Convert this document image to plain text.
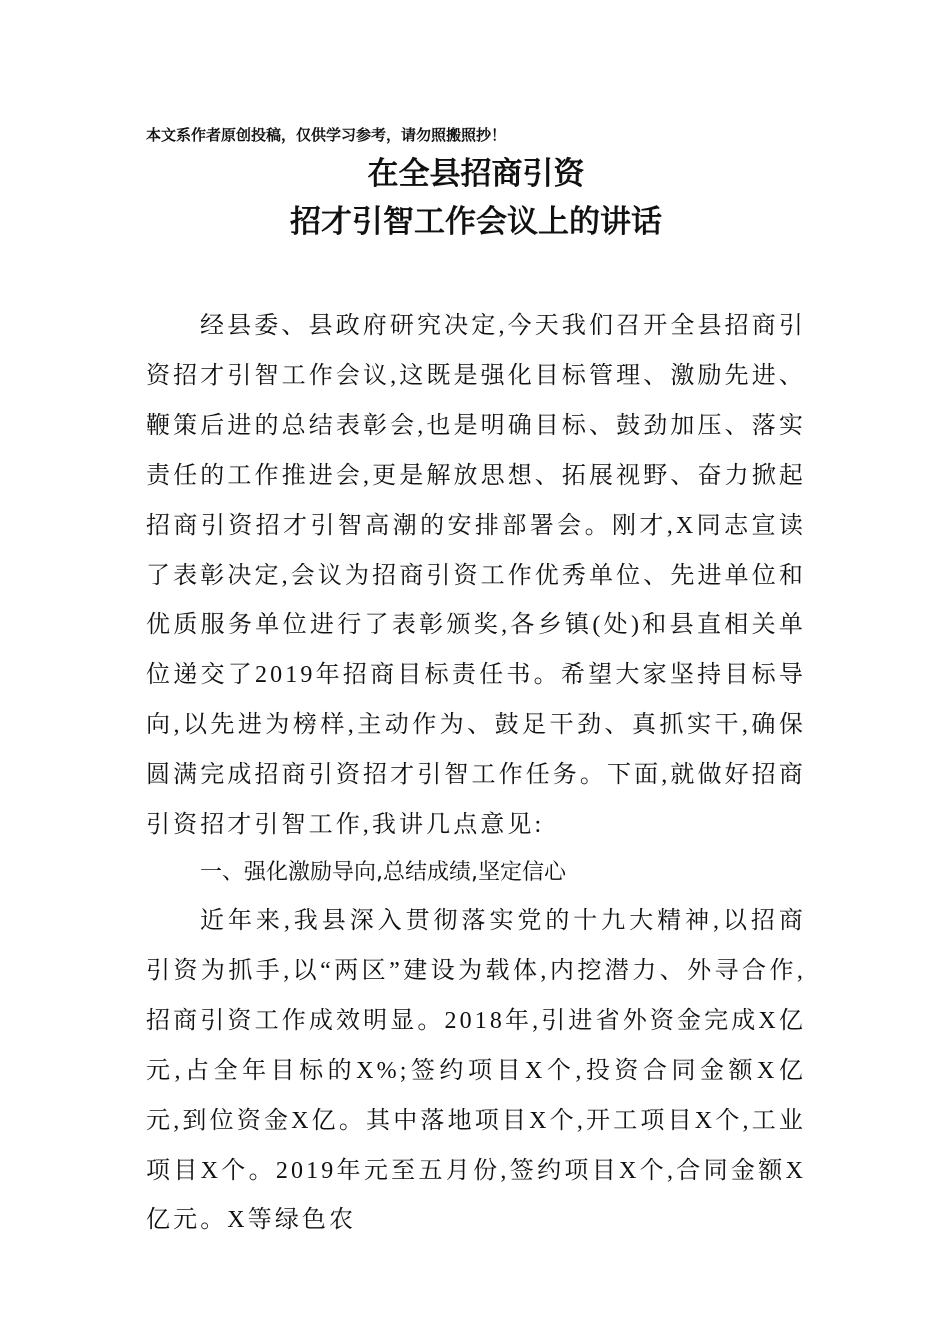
本文系作者原创投稿，仅供学习参考，请勿照搬照抄！
在全县招商引资
招才引智工作会议上的讲话

经县委、县政府研究决定,今天我们召开全县招商引资招才引智工作会议,这既是强化目标管理、激励先进、鞭策后进的总结表彰会,也是明确目标、鼓劲加压、落实责任的工作推进会,更是解放思想、拓展视野、奋力掀起招商引资招才引智高潮的安排部署会。刚才,X同志宣读了表彰决定,会议为招商引资工作优秀单位、先进单位和优质服务单位进行了表彰颁奖,各乡镇(处)和县直相关单位递交了2019年招商目标责任书。希望大家坚持目标导向,以先进为榜样,主动作为、鼓足干劲、真抓实干,确保圆满完成招商引资招才引智工作任务。下面,就做好招商引资招才引智工作,我讲几点意见:

一、强化激励导向,总结成绩,坚定信心

近年来,我县深入贯彻落实党的十九大精神,以招商引资为抓手,以“两区”建设为载体,内挖潜力、外寻合作,招商引资工作成效明显。2018年,引进省外资金完成X亿元,占全年目标的X%;签约项目X个,投资合同金额X亿元,到位资金X亿。其中落地项目X个,开工项目X个,工业项目X个。2019年元至五月份,签约项目X个,合同金额X亿元。X等绿色农
